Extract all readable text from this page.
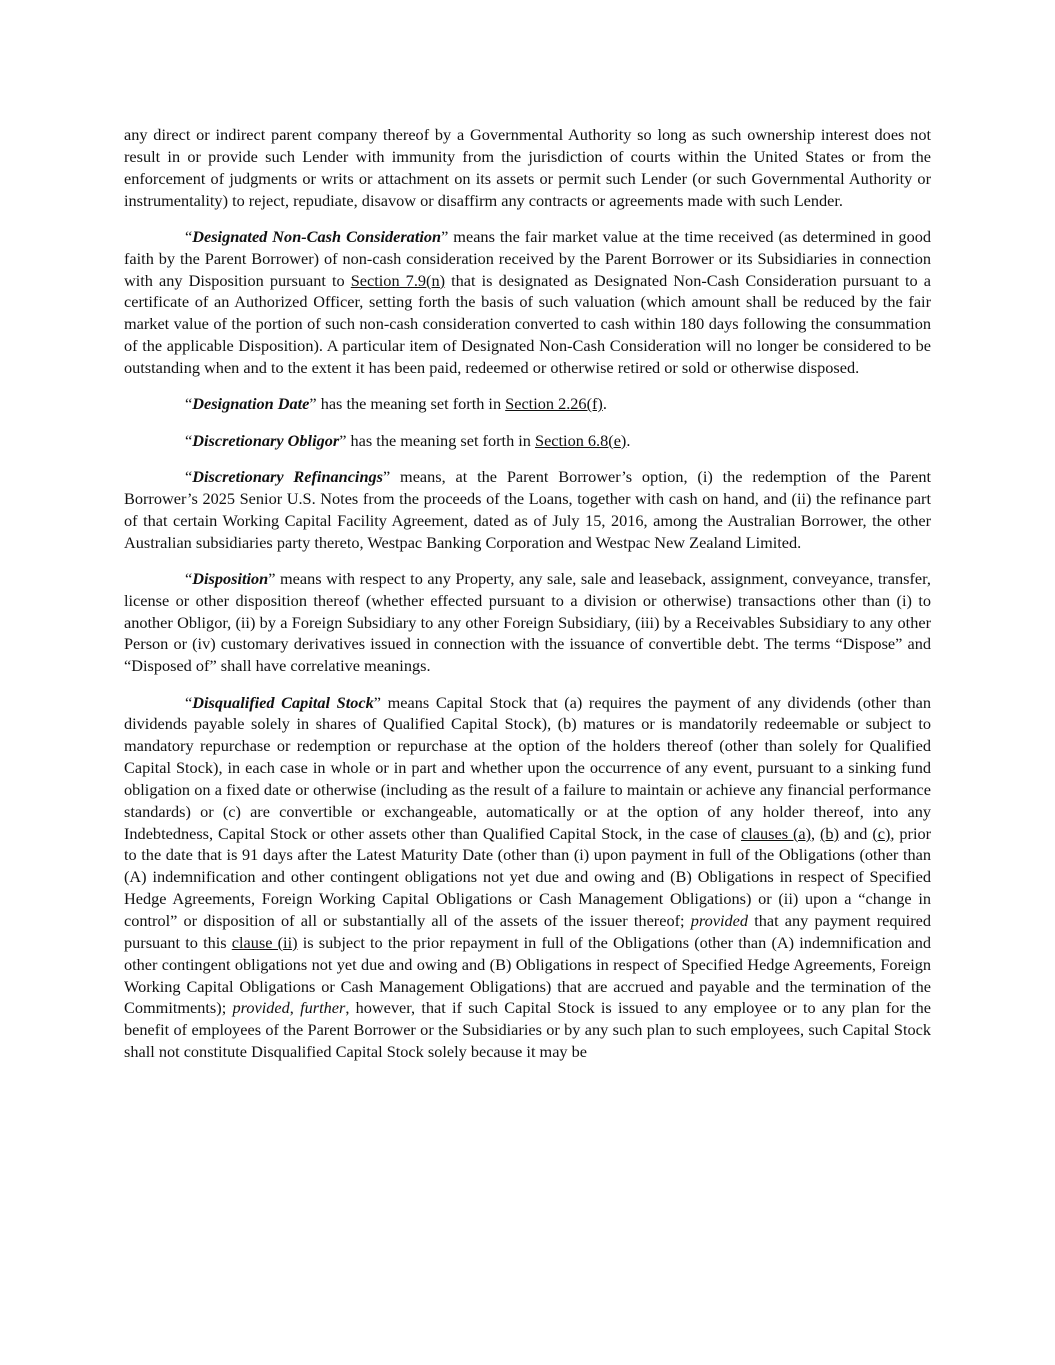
any direct or indirect parent company thereof by a Governmental Authority so long as such ownership interest does not result in or provide such Lender with immunity from the jurisdiction of courts within the United States or from the enforcement of judgments or writs or attachment on its assets or permit such Lender (or such Governmental Authority or instrumentality) to reject, repudiate, disavow or disaffirm any contracts or agreements made with such Lender.

“Designated Non-Cash Consideration” means the fair market value at the time received (as determined in good faith by the Parent Borrower) of non-cash consideration received by the Parent Borrower or its Subsidiaries in connection with any Disposition pursuant to Section 7.9(n) that is designated as Designated Non-Cash Consideration pursuant to a certificate of an Authorized Officer, setting forth the basis of such valuation (which amount shall be reduced by the fair market value of the portion of such non-cash consideration converted to cash within 180 days following the consummation of the applicable Disposition). A particular item of Designated Non-Cash Consideration will no longer be considered to be outstanding when and to the extent it has been paid, redeemed or otherwise retired or sold or otherwise disposed.

“Designation Date” has the meaning set forth in Section 2.26(f).

“Discretionary Obligor” has the meaning set forth in Section 6.8(e).

“Discretionary Refinancings” means, at the Parent Borrower’s option, (i) the redemption of the Parent Borrower’s 2025 Senior U.S. Notes from the proceeds of the Loans, together with cash on hand, and (ii) the refinance part of that certain Working Capital Facility Agreement, dated as of July 15, 2016, among the Australian Borrower, the other Australian subsidiaries party thereto, Westpac Banking Corporation and Westpac New Zealand Limited.

“Disposition” means with respect to any Property, any sale, sale and leaseback, assignment, conveyance, transfer, license or other disposition thereof (whether effected pursuant to a division or otherwise) transactions other than (i) to another Obligor, (ii) by a Foreign Subsidiary to any other Foreign Subsidiary, (iii) by a Receivables Subsidiary to any other Person or (iv) customary derivatives issued in connection with the issuance of convertible debt. The terms “Dispose” and “Disposed of” shall have correlative meanings.

“Disqualified Capital Stock” means Capital Stock that (a) requires the payment of any dividends (other than dividends payable solely in shares of Qualified Capital Stock), (b) matures or is mandatorily redeemable or subject to mandatory repurchase or redemption or repurchase at the option of the holders thereof (other than solely for Qualified Capital Stock), in each case in whole or in part and whether upon the occurrence of any event, pursuant to a sinking fund obligation on a fixed date or otherwise (including as the result of a failure to maintain or achieve any financial performance standards) or (c) are convertible or exchangeable, automatically or at the option of any holder thereof, into any Indebtedness, Capital Stock or other assets other than Qualified Capital Stock, in the case of clauses (a), (b) and (c), prior to the date that is 91 days after the Latest Maturity Date (other than (i) upon payment in full of the Obligations (other than (A) indemnification and other contingent obligations not yet due and owing and (B) Obligations in respect of Specified Hedge Agreements, Foreign Working Capital Obligations or Cash Management Obligations) or (ii) upon a “change in control” or disposition of all or substantially all of the assets of the issuer thereof; provided that any payment required pursuant to this clause (ii) is subject to the prior repayment in full of the Obligations (other than (A) indemnification and other contingent obligations not yet due and owing and (B) Obligations in respect of Specified Hedge Agreements, Foreign Working Capital Obligations or Cash Management Obligations) that are accrued and payable and the termination of the Commitments); provided, further, however, that if such Capital Stock is issued to any employee or to any plan for the benefit of employees of the Parent Borrower or the Subsidiaries or by any such plan to such employees, such Capital Stock shall not constitute Disqualified Capital Stock solely because it may be
